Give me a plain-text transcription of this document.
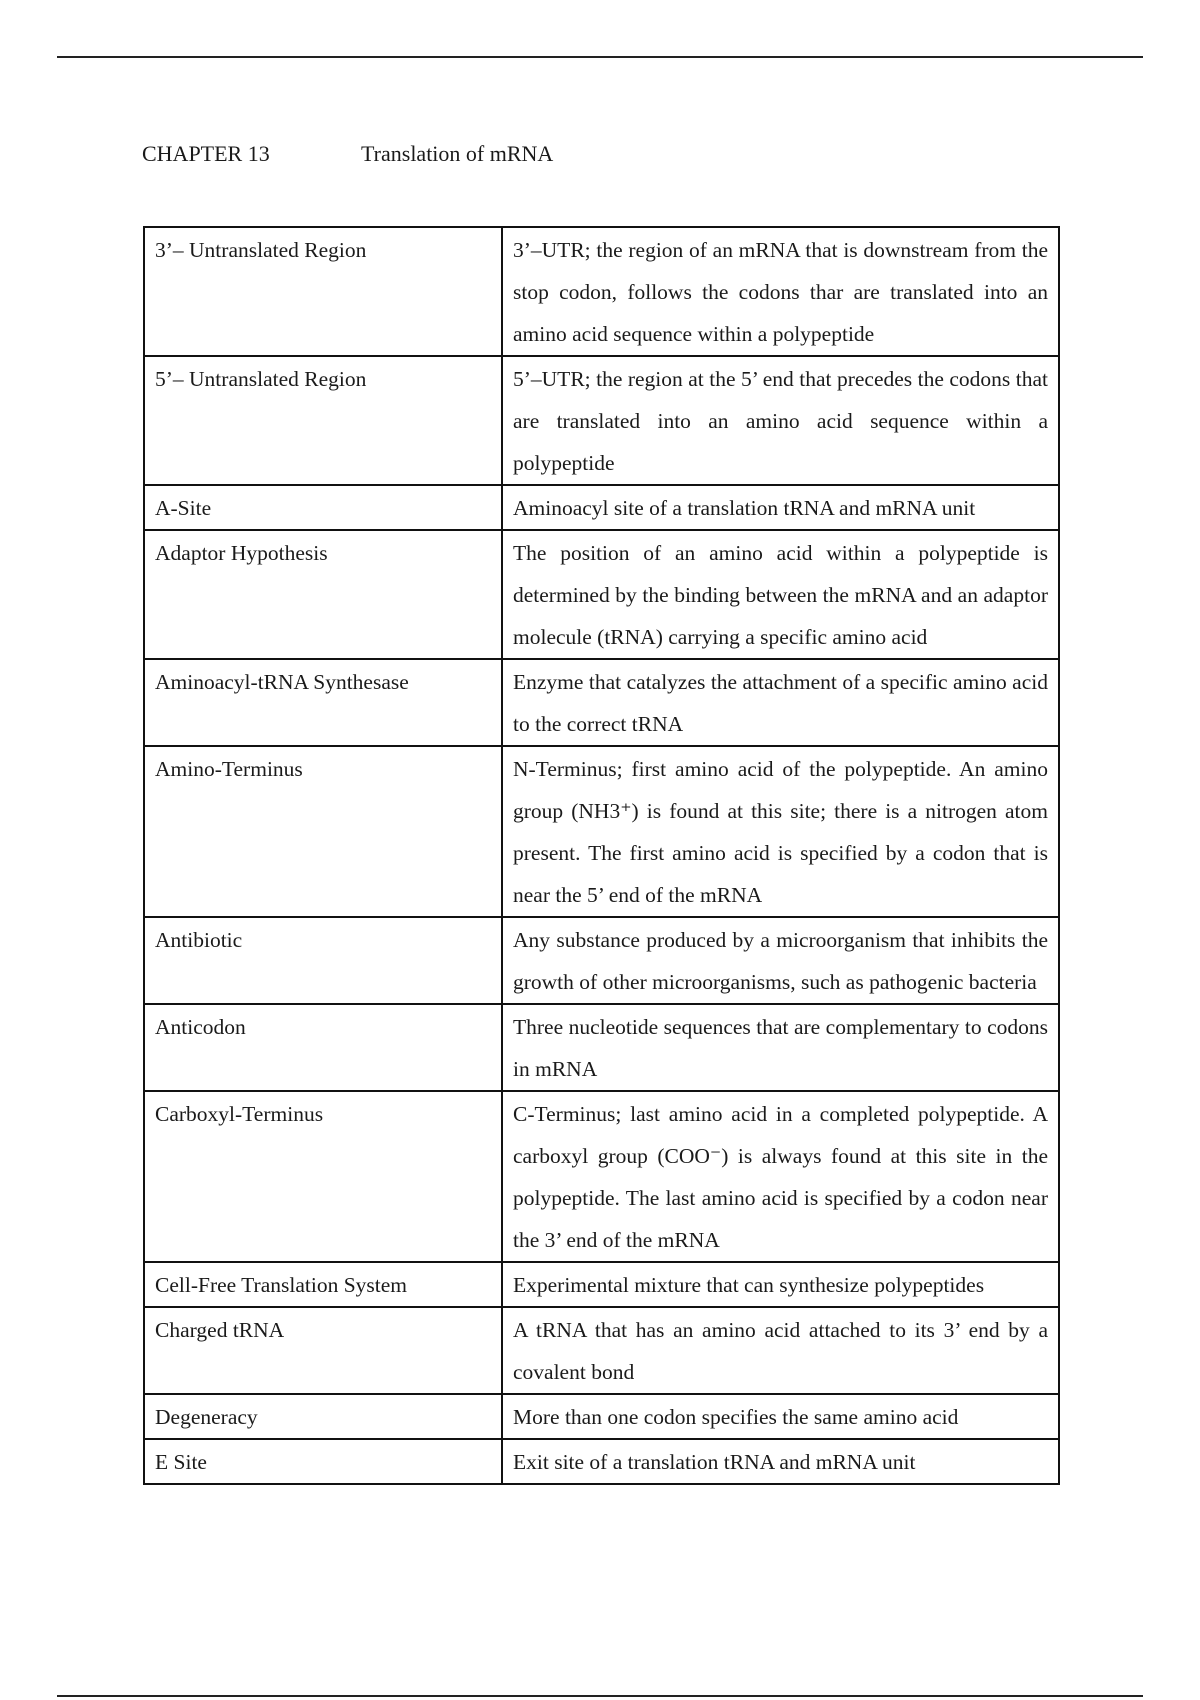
CHAPTER 13	Translation of mRNA
3’– Untranslated Region	3’–UTR; the region of an mRNA that is downstream from the stop codon, follows the codons thar are translated into an amino acid sequence within a polypeptide
5’– Untranslated Region	5’–UTR; the region at the 5’ end that precedes the codons that are translated into an amino acid sequence within a polypeptide
A-Site	Aminoacyl site of a translation tRNA and mRNA unit
Adaptor Hypothesis	The position of an amino acid within a polypeptide is determined by the binding between the mRNA and an adaptor molecule (tRNA) carrying a specific amino acid
Aminoacyl-tRNA Synthesase	Enzyme that catalyzes the attachment of a specific amino acid to the correct tRNA
Amino-Terminus	N-Terminus; first amino acid of the polypeptide. An amino group (NH3⁺) is found at this site; there is a nitrogen atom present. The first amino acid is specified by a codon that is near the 5’ end of the mRNA
Antibiotic	Any substance produced by a microorganism that inhibits the growth of other microorganisms, such as pathogenic bacteria
Anticodon	Three nucleotide sequences that are complementary to codons in mRNA
Carboxyl-Terminus	C-Terminus; last amino acid in a completed polypeptide. A carboxyl group (COO⁻) is always found at this site in the polypeptide. The last amino acid is specified by a codon near the 3’ end of the mRNA
Cell-Free Translation System	Experimental mixture that can synthesize polypeptides
Charged tRNA	A tRNA that has an amino acid attached to its 3’ end by a covalent bond
Degeneracy	More than one codon specifies the same amino acid
E Site	Exit site of a translation tRNA and mRNA unit
